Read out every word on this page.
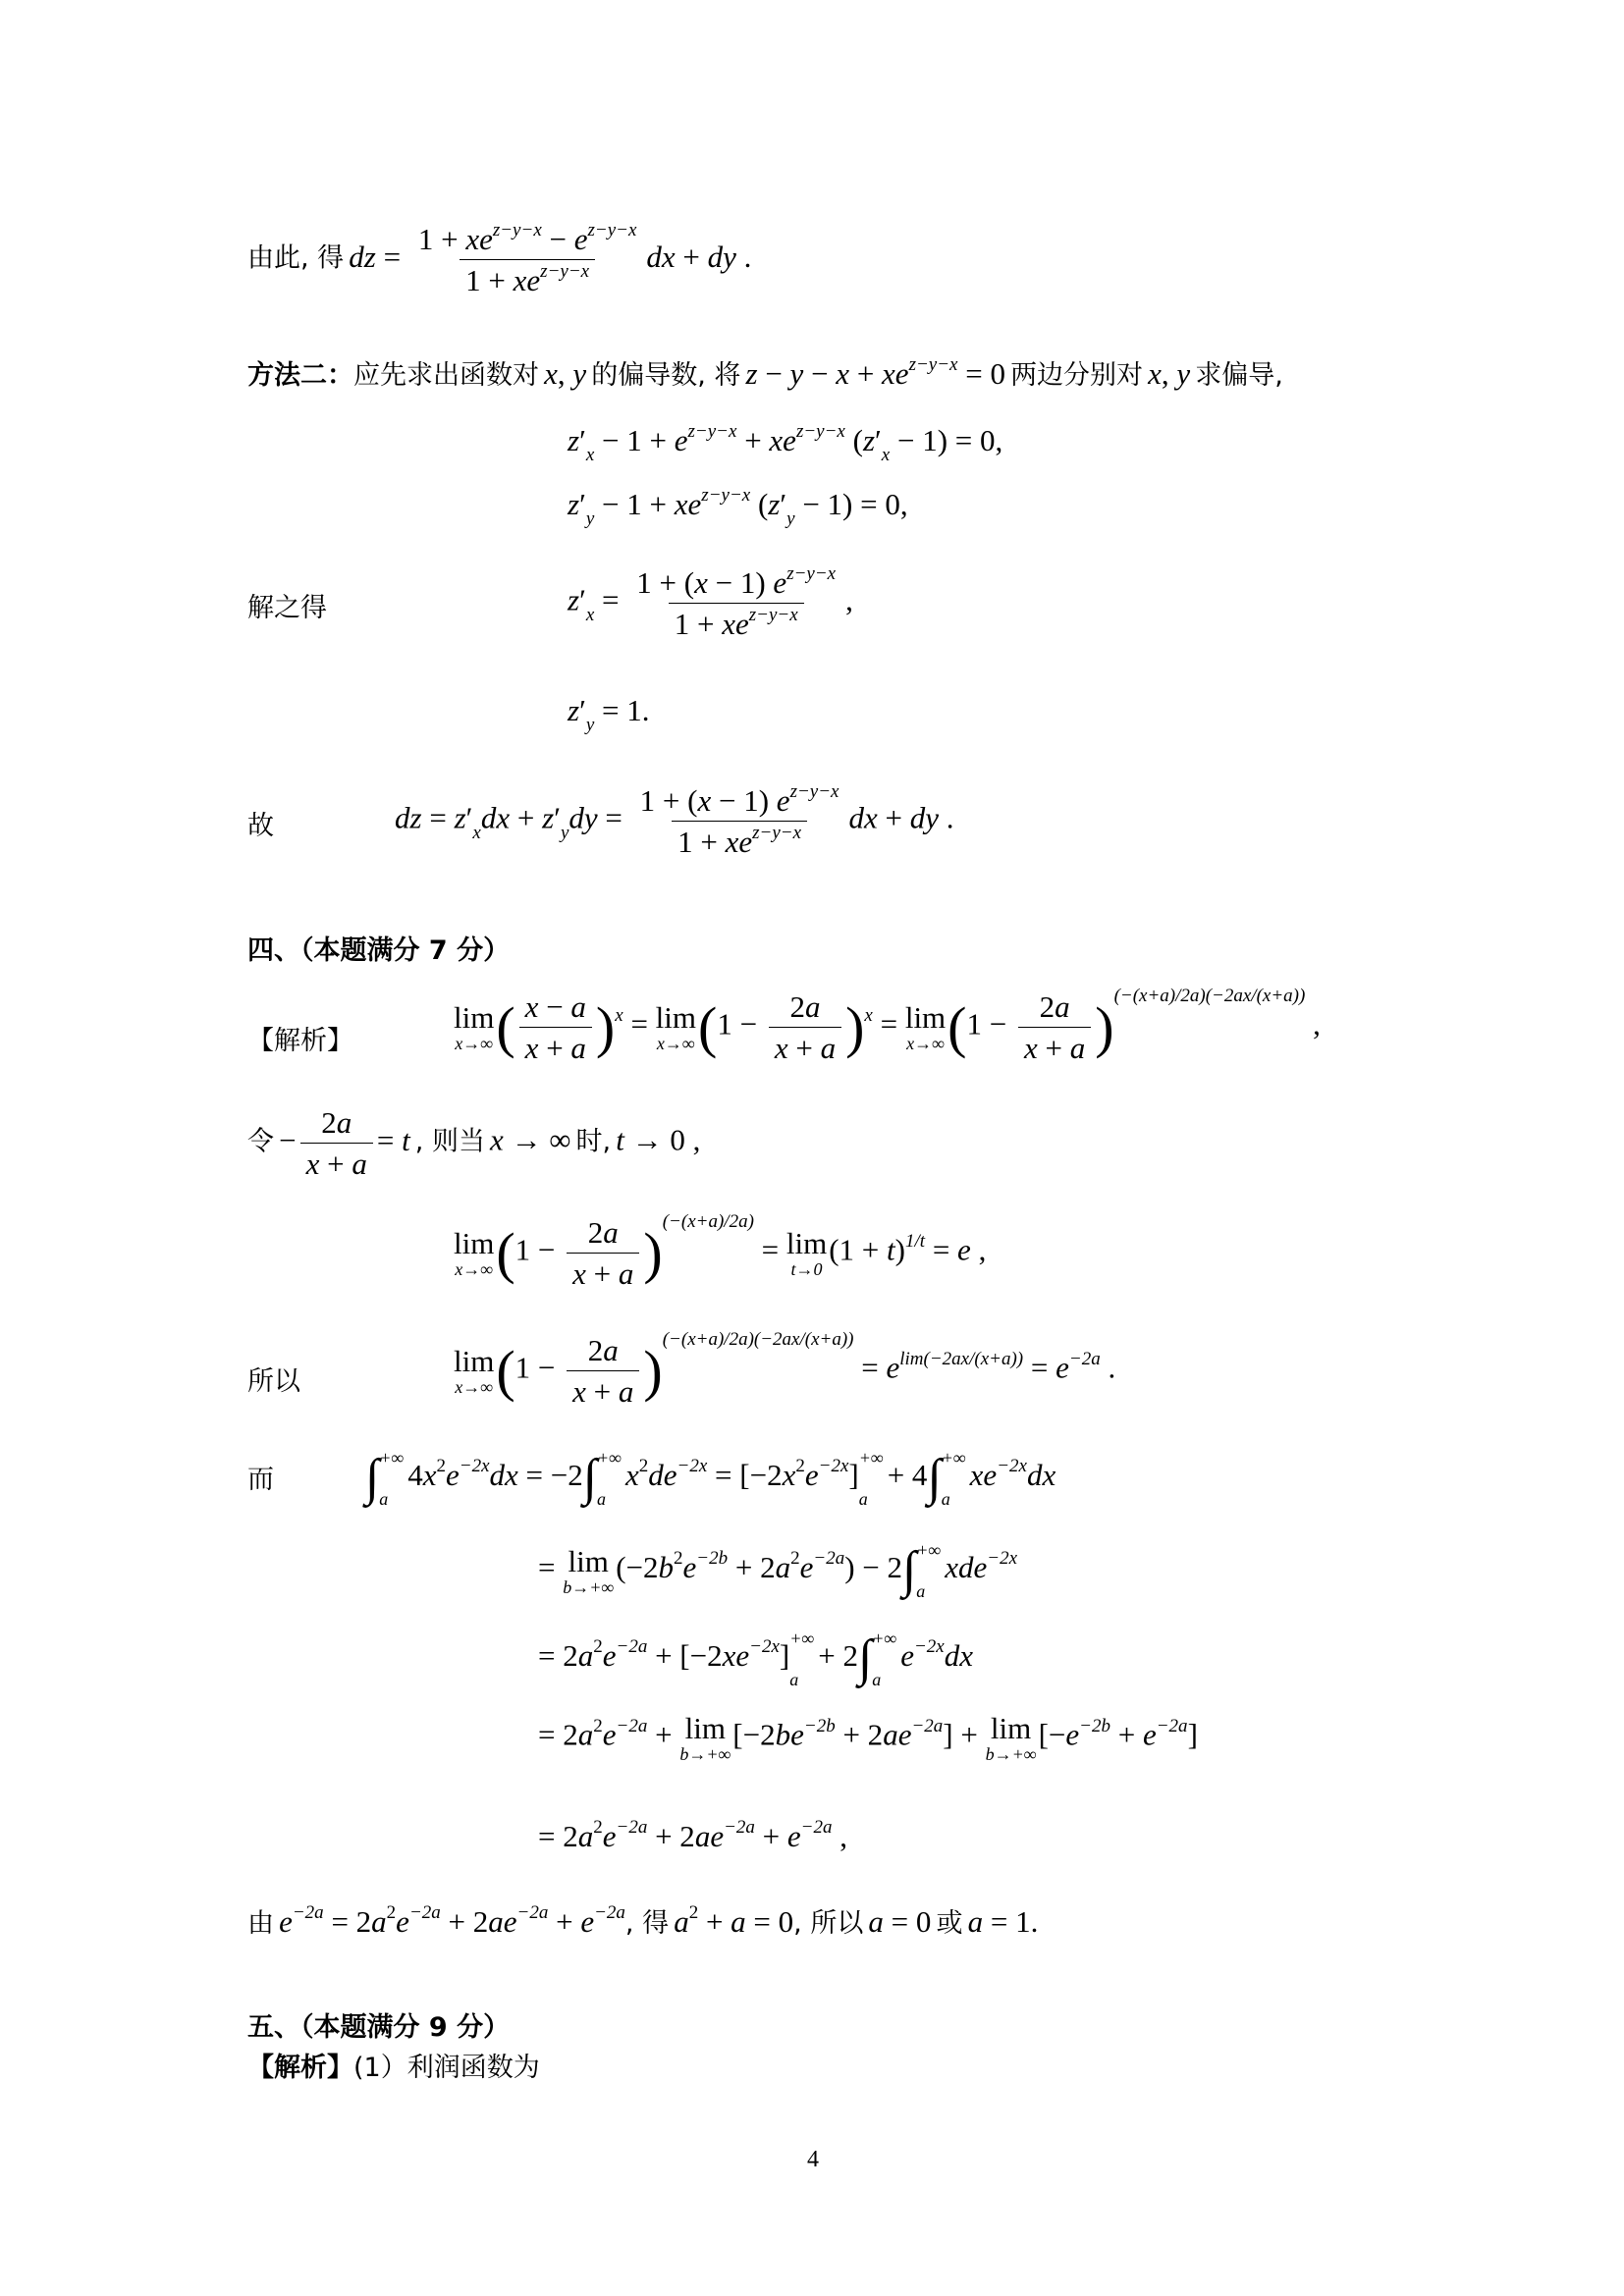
由此, 得 dz = $\frac{1 + xe^{z-y-x} - e^{z-y-x}}{1 + xe^{z-y-x}}$ dx + dy .
方法二：应先求出函数对 x, y 的偏导数, 将 $z - y - x + xe^{z-y-x} = 0$ 两边分别对 x, y 求偏导,
$z'_x - 1 + e^{z-y-x} + xe^{z-y-x}$ $(z'_x - 1) = 0$,
$z'_y - 1 + xe^{z-y-x}$ $(z'_y - 1) = 0$,
解之得	$z'_x = \frac{1 + (x - 1) e^{z-y-x}}{1 + xe^{z-y-x}}$ ,
$z'_y = 1$.
故	dz = $z'_xdx + z'_ydy = \frac{1 + (x - 1) e^{z-y-x}}{1 + xe^{z-y-x}}$ dx + dy .
四、（本题满分 7 分）
【解析】
lim
x→∞ ( $\frac{x - a}{x + a} )^x = \lim$
x→∞ $(1 - \frac{2a}{x + a} )^x = \lim$
x→∞ $(1 - \frac{2a}{x + a} )^{(-(x+a)/2a)(-2ax/(x+a))}$ ,
令 − $\frac{2a}{x + a} = t$ , 则当 x → ∞ 时, t → 0 ,
lim
x→∞ $(1 - \frac{2a}{x + a} )^{(-(x+a)/2a)} = \lim$
t→0
$(1 + t)^{1/t} = e$ ,
所以
lim
x→∞ $(1 - \frac{2a}{x + a} )^{(-(x+a)/2a)(-2ax/(x+a))} = e^{lim(-2ax/(x+a))} = e^{-2a}$ .
而 ∫ +∞
a
$4x^2e^{-2x}dx = -2\int$ +∞
a
$x^2de^{-2x} = [-2x^2e^{-2x}]$
+∞
a
+ 4∫ +∞
a
$xe^{-2x}dx$
= lim
b→+∞
$(-2b^2e^{-2b} + 2a^2e^{-2a}) - 2\int$ +∞
a
xde$^{-2x}$
= $2a^2e^{-2a} + [-2xe^{-2x}]$
+∞
a
+ 2∫ +∞
a
$e^{-2x}dx$
= $2a^2e^{-2a} + \lim$
b→+∞
$[-2be^{-2b} + 2ae^{-2a}] + \lim$
b→+∞
$[-e^{-2b} + e^{-2a}]$
= $2a^2e^{-2a} + 2ae^{-2a} + e^{-2a}$ ,
由 $e^{-2a} = 2a^2e^{-2a} + 2ae^{-2a} + e^{-2a}$, 得 $a^2 + a = 0$, 所以 a = 0 或 a = 1.
五、（本题满分 9 分）
【解析】(1）利润函数为
4
